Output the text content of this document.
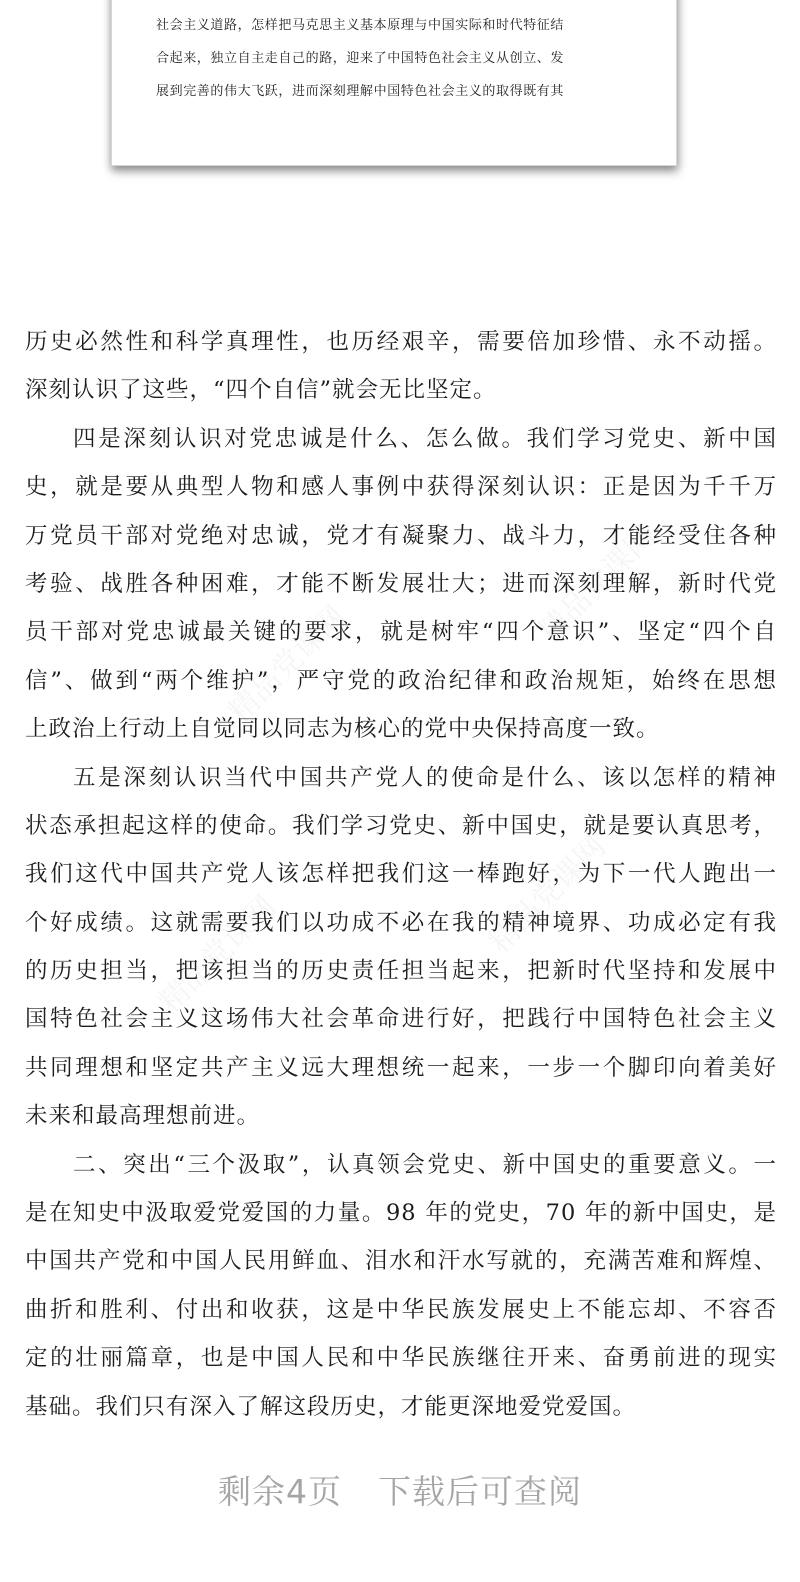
社会主义道路，怎样把马克思主义基本原理与中国实际和时代特征结
合起来，独立自主走自己的路，迎来了中国特色社会主义从创立、发
展到完善的伟大飞跃，进而深刻理解中国特色社会主义的取得既有其
精品党课网
精品党课网
精品党课网	精品党课网
历史必然性和科学真理性，也历经艰辛，需要倍加珍惜、永不动摇。
深刻认识了这些，“四个自信”就会无比坚定。
四是深刻认识对党忠诚是什么、怎么做。我们学习党史、新中国
史，就是要从典型人物和感人事例中获得深刻认识：正是因为千千万
万党员干部对党绝对忠诚，党才有凝聚力、战斗力，才能经受住各种
考验、战胜各种困难，才能不断发展壮大；进而深刻理解，新时代党
员干部对党忠诚最关键的要求，就是树牢“四个意识”、坚定“四个自
信”、做到“两个维护”，严守党的政治纪律和政治规矩，始终在思想
上政治上行动上自觉同以同志为核心的党中央保持高度一致。
五是深刻认识当代中国共产党人的使命是什么、该以怎样的精神
状态承担起这样的使命。我们学习党史、新中国史，就是要认真思考，
我们这代中国共产党人该怎样把我们这一棒跑好，为下一代人跑出一
个好成绩。这就需要我们以功成不必在我的精神境界、功成必定有我
的历史担当，把该担当的历史责任担当起来，把新时代坚持和发展中
国特色社会主义这场伟大社会革命进行好，把践行中国特色社会主义
共同理想和坚定共产主义远大理想统一起来，一步一个脚印向着美好
未来和最高理想前进。
二、突出“三个汲取”，认真领会党史、新中国史的重要意义。一
是在知史中汲取爱党爱国的力量。98 年的党史，70 年的新中国史，是
中国共产党和中国人民用鲜血、泪水和汗水写就的，充满苦难和辉煌、
曲折和胜利、付出和收获，这是中华民族发展史上不能忘却、不容否
定的壮丽篇章，也是中国人民和中华民族继往开来、奋勇前进的现实
基础。我们只有深入了解这段历史，才能更深地爱党爱国。
剩余4页 下载后可查阅
